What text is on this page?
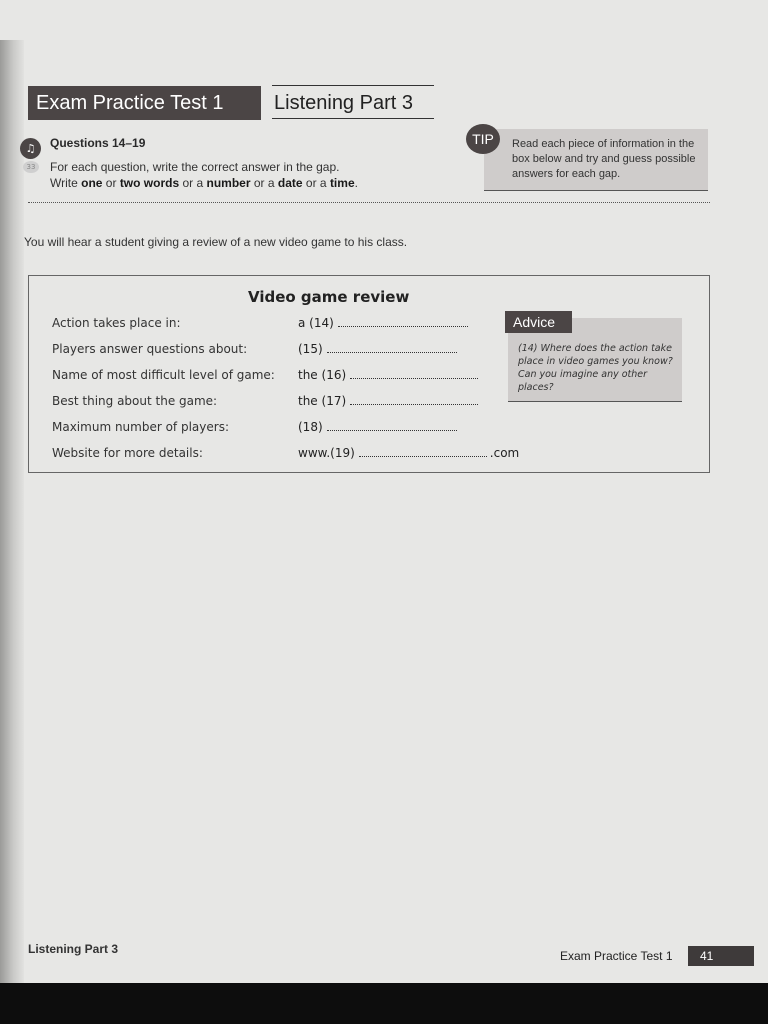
Exam Practice Test 1	Listening Part 3
♫
33
Questions 14–19
For each question, write the correct answer in the gap.
Write one or two words or a number or a date or a time.
Read each piece of information in the box below and try and guess possible answers for each gap.
TIP
You will hear a student giving a review of a new video game to his class.
Video game review
Action takes place in:	a (14)
Players answer questions about:	(15)
Name of most difficult level of game: the (16)
Best thing about the game:	the (17)
Maximum number of players:	(18)
Website for more details:	www.(19)	.com
(14) Where does the action take place in video games you know? Can you imagine any other places?
Advice
Listening Part 3	Exam Practice Test 1	41
